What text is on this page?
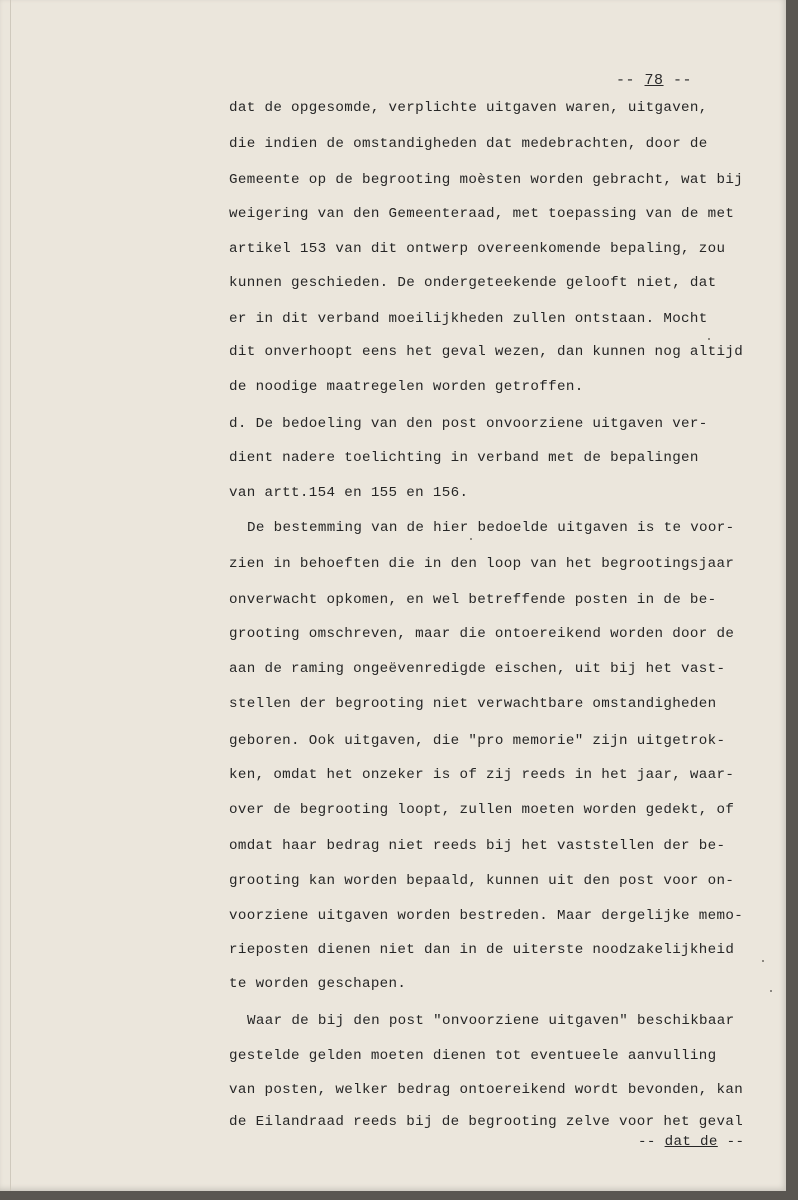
-- 78 --
dat de opgesomde, verplichte uitgaven waren, uitgaven,
die indien de omstandigheden dat medebrachten, door de
Gemeente op de begrooting moèsten worden gebracht, wat bij
weigering van den Gemeenteraad, met toepassing van de met
artikel 153 van dit ontwerp overeenkomende bepaling, zou
kunnen geschieden. De ondergeteekende gelooft niet, dat
er in dit verband moeilijkheden zullen ontstaan. Mocht
dit onverhoopt eens het geval wezen, dan kunnen nog altijd
de noodige maatregelen worden getroffen.
d. De bedoeling van den post onvoorziene uitgaven ver-
dient nadere toelichting in verband met de bepalingen
van artt.154 en 155 en 156.
De bestemming van de hier bedoelde uitgaven is te voor-
zien in behoeften die in den loop van het begrootingsjaar
onverwacht opkomen, en wel betreffende posten in de be-
grooting omschreven, maar die ontoereikend worden door de
aan de raming ongeëvenredigde eischen, uit bij het vast-
stellen der begrooting niet verwachtbare omstandigheden
geboren. Ook uitgaven, die "pro memorie" zijn uitgetrok-
ken, omdat het onzeker is of zij reeds in het jaar, waar-
over de begrooting loopt, zullen moeten worden gedekt, of
omdat haar bedrag niet reeds bij het vaststellen der be-
grooting kan worden bepaald, kunnen uit den post voor on-
voorziene uitgaven worden bestreden. Maar dergelijke memo-
rieposten dienen niet dan in de uiterste noodzakelijkheid
te worden geschapen.
Waar de bij den post "onvoorziene uitgaven" beschikbaar
gestelde gelden moeten dienen tot eventueele aanvulling
van posten, welker bedrag ontoereikend wordt bevonden, kan
de Eilandraad reeds bij de begrooting zelve voor het geval
-- dat de --
